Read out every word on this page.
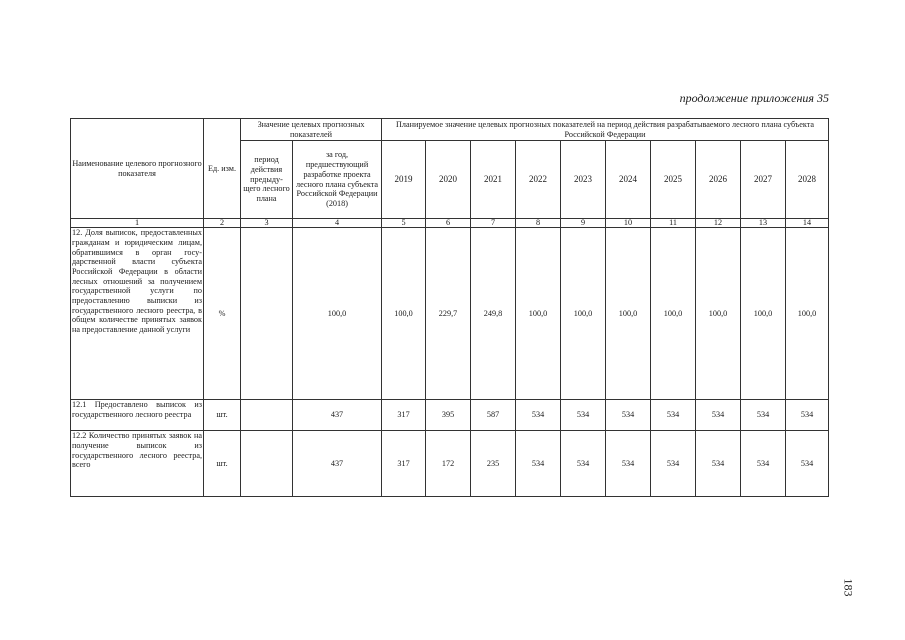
продолжение приложения 35
Наименование целевого прогнозного показателя	Ед. изм.	Значение целевых прогнозных показателей		Планируемое значение целевых прогнозных показателей на период действия разрабатываемого лесного плана субъекта Российской Федерации									
		период действия предыду-щего лесного плана	за год, предшествующий разработке проекта лесного плана субъекта Российской Федерации (2018)	2019	2020	2021	2022	2023	2024	2025	2026	2027	2028
1	2	3	4	5	6	7	8	9	10	11	12	13	14
12. Доля выписок, предоставленных гражданам и юридическим лицам, обратившимся в орган госу-дарственной власти субъекта Российской Федерации в области лесных отношений за получением государственной услуги по предоставлению выписки из государственного лесного реестра, в общем количестве принятых заявок на предоставление данной услуги	%		100,0	100,0	229,7	249,8	100,0	100,0	100,0	100,0	100,0	100,0	100,0
12.1 Предоставлено выписок из государственного лесного реестра	шт.		437	317	395	587	534	534	534	534	534	534	534
12.2 Количество принятых заявок на получение выписок из государственного лесного реестра, всего	шт.		437	317	172	235	534	534	534	534	534	534	534
183
